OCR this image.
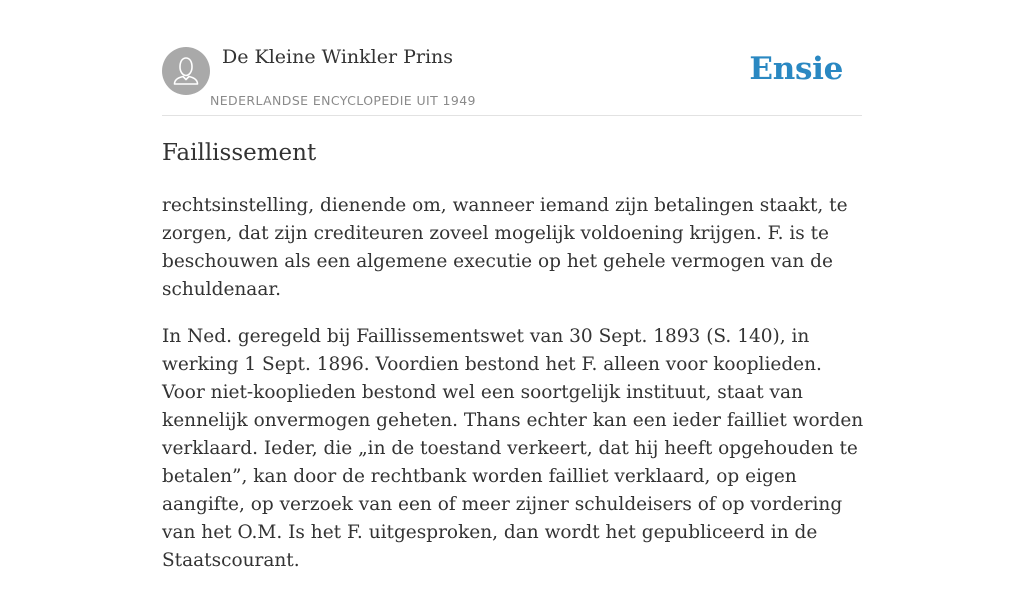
De Kleine Winkler Prins
NEDERLANDSE ENCYCLOPEDIE UIT 1949
Ensie
Faillissement

rechtsinstelling, dienende om, wanneer iemand zijn betalingen staakt, te zorgen, dat zijn crediteuren zoveel mogelijk voldoening krijgen. F. is te beschouwen als een algemene executie op het gehele vermogen van de schuldenaar.

In Ned. geregeld bij Faillissementswet van 30 Sept. 1893 (S. 140), in werking 1 Sept. 1896. Voordien bestond het F. alleen voor kooplieden. Voor niet-kooplieden bestond wel een soortgelijk instituut, staat van kennelijk onvermogen geheten. Thans echter kan een ieder failliet worden verklaard. Ieder, die „in de toestand verkeert, dat hij heeft opgehouden te betalen”, kan door de rechtbank worden failliet verklaard, op eigen aangifte, op verzoek van een of meer zijner schuldeisers of op vordering van het O.M. Is het F. uitgesproken, dan wordt het gepubliceerd in de Staatscourant.
